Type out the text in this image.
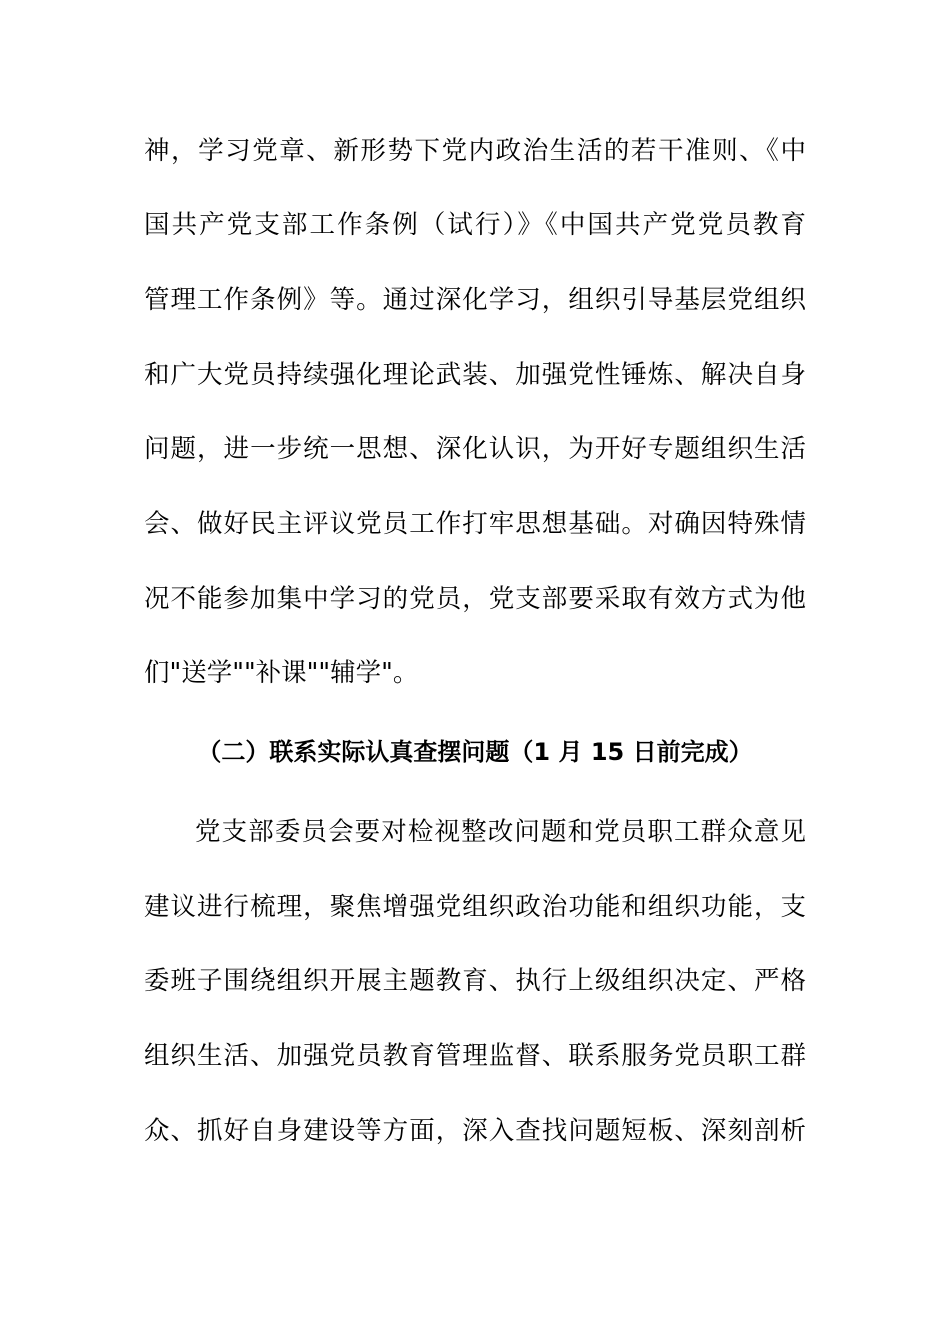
神，学习党章、新形势下党内政治生活的若干准则、《中
国共产党支部工作条例（试行）》《中国共产党党员教育
管理工作条例》等。通过深化学习，组织引导基层党组织
和广大党员持续强化理论武装、加强党性锤炼、解决自身
问题，进一步统一思想、深化认识，为开好专题组织生活
会、做好民主评议党员工作打牢思想基础。对确因特殊情
况不能参加集中学习的党员，党支部要采取有效方式为他
们"送学""补课""辅学"。
（二）联系实际认真查摆问题（1 月 15 日前完成）
党支部委员会要对检视整改问题和党员职工群众意见
建议进行梳理，聚焦增强党组织政治功能和组织功能，支
委班子围绕组织开展主题教育、执行上级组织决定、严格
组织生活、加强党员教育管理监督、联系服务党员职工群
众、抓好自身建设等方面，深入查找问题短板、深刻剖析
